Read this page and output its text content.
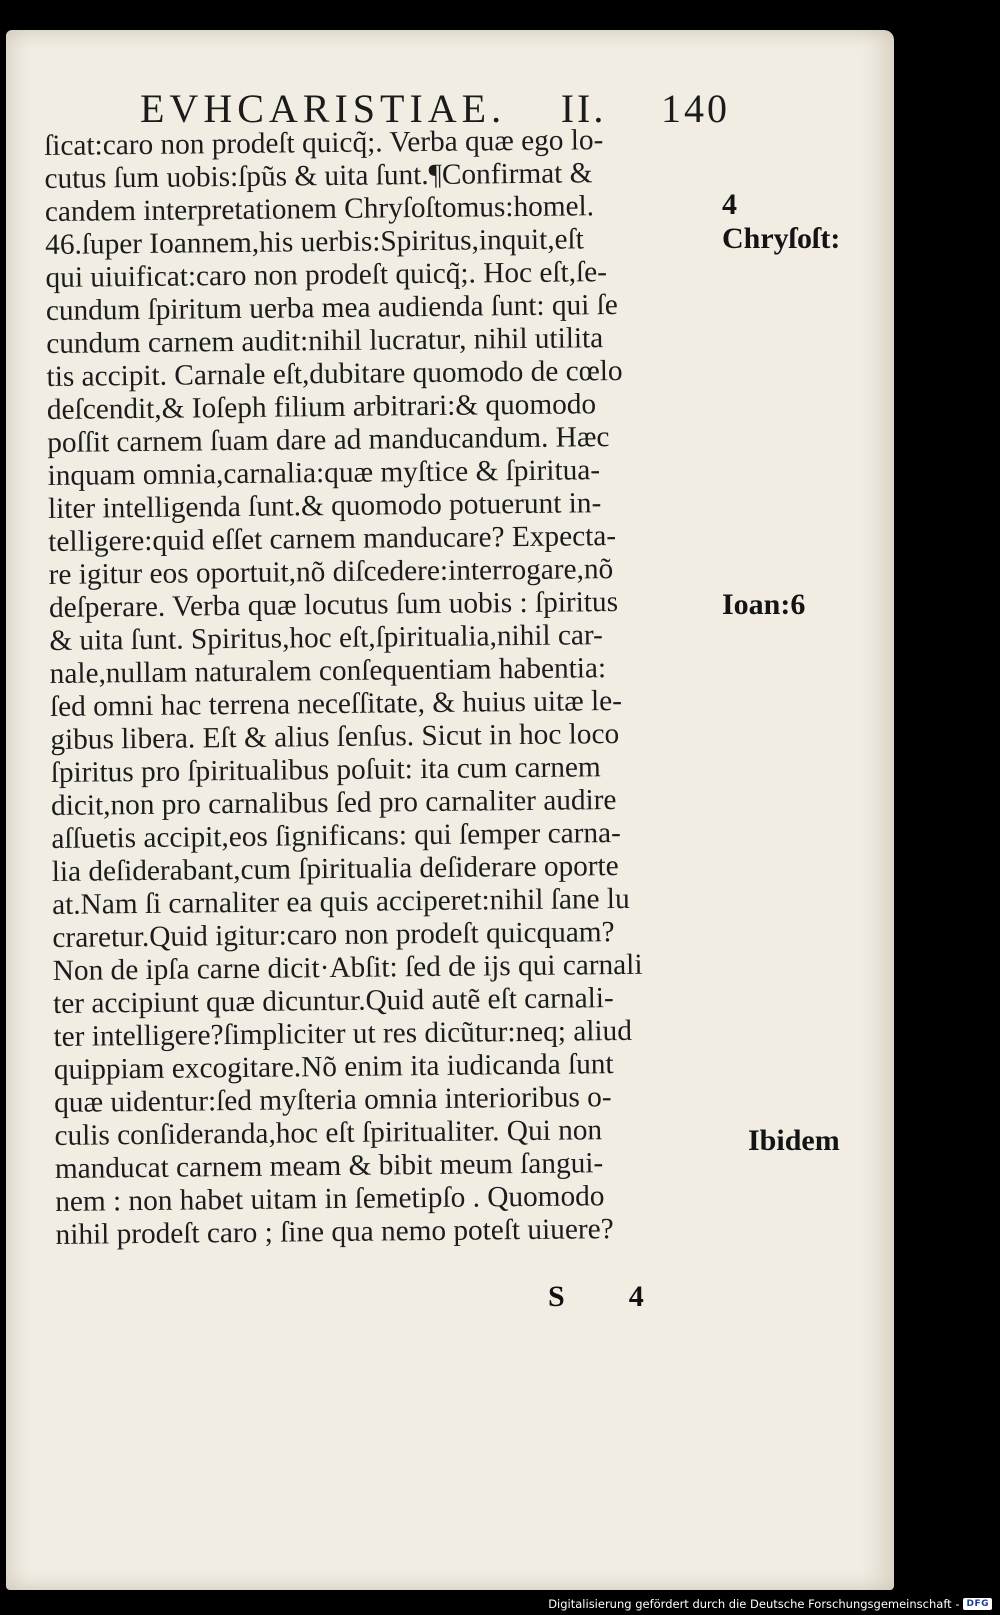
EVHCARISTIAE. II. 140
ſicat:caro non prodeſt quicq̃;. Verba quæ ego lo-
cutus ſum uobis:ſpũs & uita ſunt.¶Confirmat &
candem interpretationem Chryſoſtomus:homel.
46.ſuper Ioannem,his uerbis:Spiritus,inquit,eſt
qui uiuificat:caro non prodeſt quicq̃;. Hoc eſt,ſe-
cundum ſpiritum uerba mea audienda ſunt: qui ſe
cundum carnem audit:nihil lucratur, nihil utilita
tis accipit. Carnale eſt,dubitare quomodo de cœlo
deſcendit,& Ioſeph filium arbitrari:& quomodo
poſſit carnem ſuam dare ad manducandum. Hæc
inquam omnia,carnalia:quæ myſtice & ſpiritua-
liter intelligenda ſunt.& quomodo potuerunt in-
telligere:quid eſſet carnem manducare? Expecta-
re igitur eos oportuit,nõ diſcedere:interrogare,nõ
deſperare. Verba quæ locutus ſum uobis : ſpiritus
& uita ſunt. Spiritus,hoc eſt,ſpiritualia,nihil car-
nale,nullam naturalem conſequentiam habentia:
ſed omni hac terrena neceſſitate, & huius uitæ le-
gibus libera. Eſt & alius ſenſus. Sicut in hoc loco
ſpiritus pro ſpiritualibus poſuit: ita cum carnem
dicit,non pro carnalibus ſed pro carnaliter audire
aſſuetis accipit,eos ſignificans: qui ſemper carna-
lia deſiderabant,cum ſpiritualia deſiderare oporte
at.Nam ſi carnaliter ea quis acciperet:nihil ſane lu
craretur.Quid igitur:caro non prodeſt quicquam?
Non de ipſa carne dicit·Abſit: ſed de ĳs qui carnali
ter accipiunt quæ dicuntur.Quid autẽ eſt carnali-
ter intelligere?ſimpliciter ut res dicũtur:neq; aliud
quippiam excogitare.Nõ enim ita iudicanda ſunt
quæ uidentur:ſed myſteria omnia interioribus o-
culis conſideranda,hoc eſt ſpiritualiter. Qui non
manducat carnem meam & bibit meum ſangui-
nem : non habet uitam in ſemetipſo . Quomodo
nihil prodeſt caro ; ſine qua nemo poteſt uiuere?
4
Chryſoſt:
Ioan:6
Ibidem
S 4
Digitalisierung gefördert durch die Deutsche Forschungsgemeinschaft - DFG
